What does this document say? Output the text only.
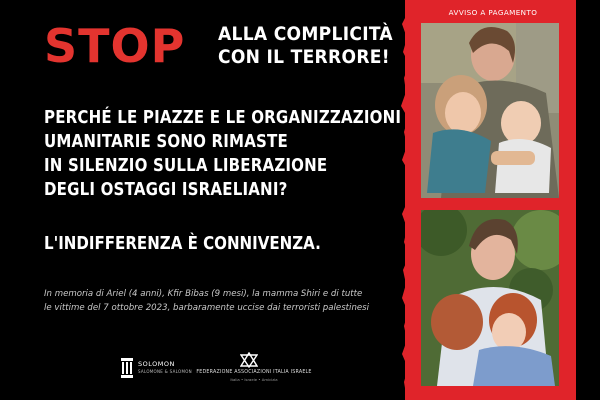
STOP ALLA COMPLICITÀ
CON IL TERRORE!
PERCHÉ LE PIAZZE E LE ORGANIZZAZIONI
UMANITARIE SONO RIMASTE
IN SILENZIO SULLA LIBERAZIONE
DEGLI OSTAGGI ISRAELIANI?
L'INDIFFERENZA È CONNIVENZA.
In memoria di Ariel (4 anni), Kfir Bibas (9 mesi), la mamma Shiri e di tutte
le vittime del 7 ottobre 2023, barbaramente uccise dai terroristi palestinesi
SOLOMON
SALOMONE & SALOMON FEDERAZIONE ASSOCIAZIONI ITALIA ISRAELE
Italia • Israele • Amicizia
AVVISO A PAGAMENTO
